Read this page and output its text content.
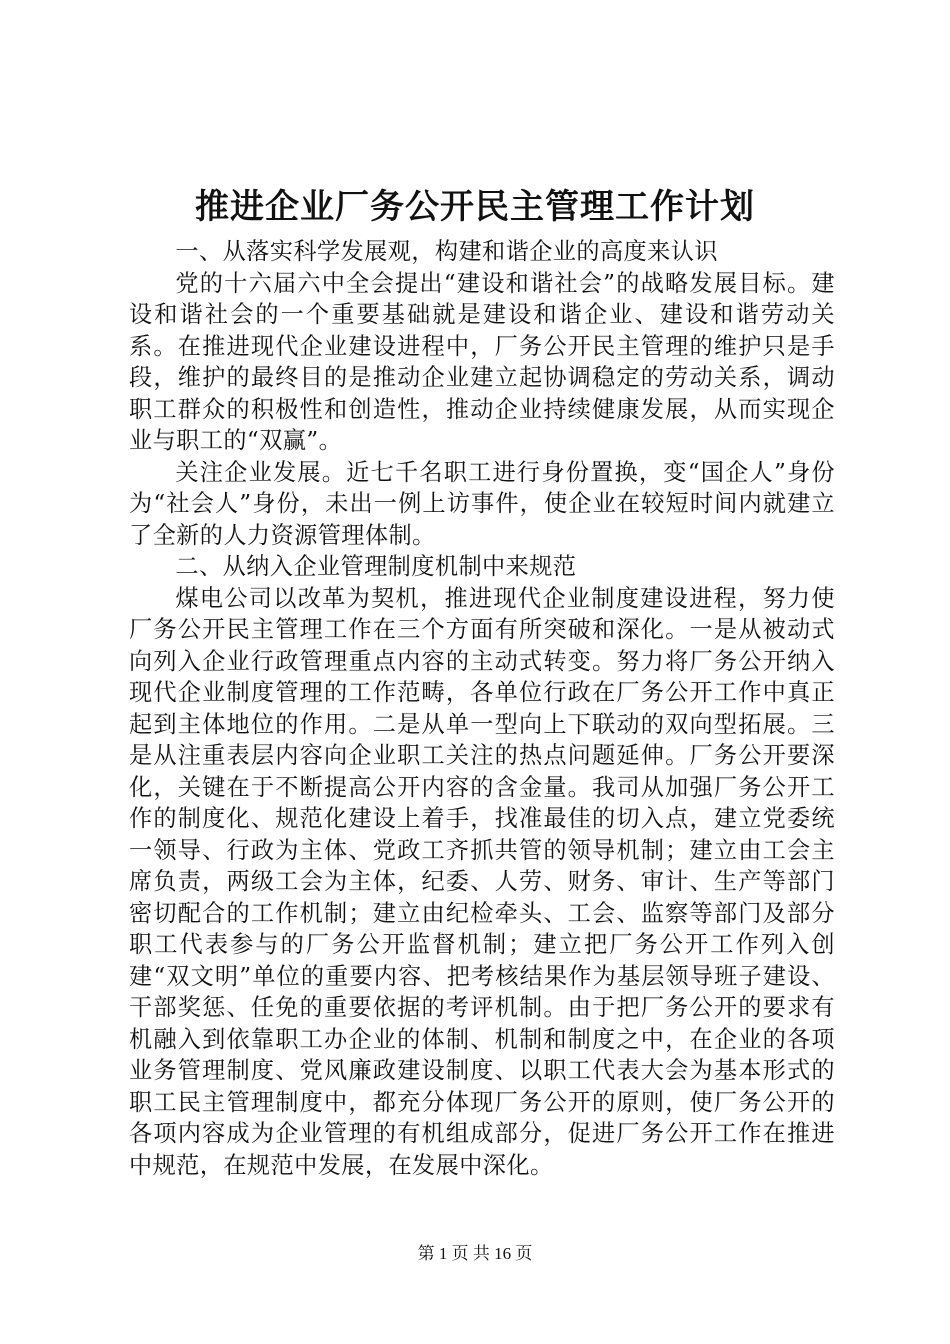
推进企业厂务公开民主管理工作计划

一、从落实科学发展观，构建和谐企业的高度来认识

党的十六届六中全会提出“建设和谐社会”的战略发展目标。建设和谐社会的一个重要基础就是建设和谐企业、建设和谐劳动关系。在推进现代企业建设进程中，厂务公开民主管理的维护只是手段，维护的最终目的是推动企业建立起协调稳定的劳动关系，调动职工群众的积极性和创造性，推动企业持续健康发展，从而实现企业与职工的“双赢”。

关注企业发展。近七千名职工进行身份置换，变“国企人”身份为“社会人”身份，未出一例上访事件，使企业在较短时间内就建立了全新的人力资源管理体制。

二、从纳入企业管理制度机制中来规范

煤电公司以改革为契机，推进现代企业制度建设进程，努力使厂务公开民主管理工作在三个方面有所突破和深化。一是从被动式向列入企业行政管理重点内容的主动式转变。努力将厂务公开纳入现代企业制度管理的工作范畴，各单位行政在厂务公开工作中真正起到主体地位的作用。二是从单一型向上下联动的双向型拓展。三是从注重表层内容向企业职工关注的热点问题延伸。厂务公开要深化，关键在于不断提高公开内容的含金量。我司从加强厂务公开工作的制度化、规范化建设上着手，找准最佳的切入点，建立党委统一领导、行政为主体、党政工齐抓共管的领导机制；建立由工会主席负责，两级工会为主体，纪委、人劳、财务、审计、生产等部门密切配合的工作机制；建立由纪检牵头、工会、监察等部门及部分职工代表参与的厂务公开监督机制；建立把厂务公开工作列入创建“双文明”单位的重要内容、把考核结果作为基层领导班子建设、干部奖惩、任免的重要依据的考评机制。由于把厂务公开的要求有机融入到依靠职工办企业的体制、机制和制度之中，在企业的各项业务管理制度、党风廉政建设制度、以职工代表大会为基本形式的职工民主管理制度中，都充分体现厂务公开的原则，使厂务公开的各项内容成为企业管理的有机组成部分，促进厂务公开工作在推进中规范，在规范中发展，在发展中深化。

第 1 页 共 16 页
